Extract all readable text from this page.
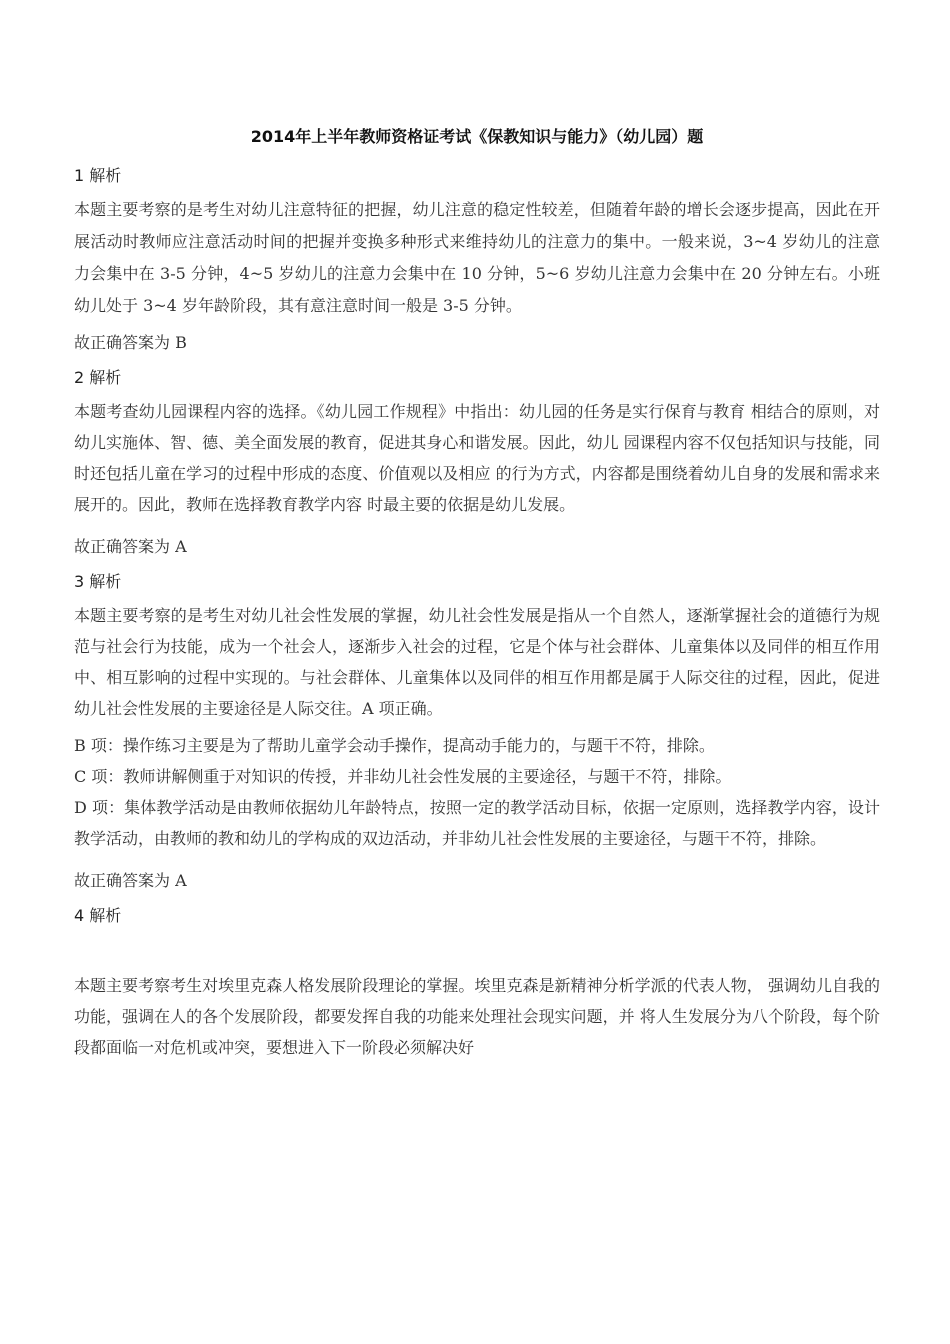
2014年上半年教师资格证考试《保教知识与能力》（幼儿园）题
1 解析

本题主要考察的是考生对幼儿注意特征的把握，幼儿注意的稳定性较差，但随着年龄的增长会逐步提高，因此在开展活动时教师应注意活动时间的把握并变换多种形式来维持幼儿的注意力的集中。一般来说，3~4 岁幼儿的注意力会集中在 3-5 分钟，4~5 岁幼儿的注意力会集中在 10 分钟，5~6 岁幼儿注意力会集中在 20 分钟左右。小班幼儿处于 3~4 岁年龄阶段，其有意注意时间一般是 3-5 分钟。

故正确答案为 B
2 解析

本题考查幼儿园课程内容的选择。《幼儿园工作规程》中指出：幼儿园的任务是实行保育与教育 相结合的原则，对幼儿实施体、智、德、美全面发展的教育，促进其身心和谐发展。因此，幼儿 园课程内容不仅包括知识与技能，同时还包括儿童在学习的过程中形成的态度、价值观以及相应 的行为方式，内容都是围绕着幼儿自身的发展和需求来展开的。因此，教师在选择教育教学内容 时最主要的依据是幼儿发展。

故正确答案为 A
3 解析

本题主要考察的是考生对幼儿社会性发展的掌握，幼儿社会性发展是指从一个自然人，逐渐掌握社会的道德行为规范与社会行为技能，成为一个社会人，逐渐步入社会的过程，它是个体与社会群体、儿童集体以及同伴的相互作用中、相互影响的过程中实现的。与社会群体、儿童集体以及同伴的相互作用都是属于人际交往的过程，因此，促进幼儿社会性发展的主要途径是人际交往。A 项正确。

B 项：操作练习主要是为了帮助儿童学会动手操作，提高动手能力的，与题干不符，排除。

C 项：教师讲解侧重于对知识的传授，并非幼儿社会性发展的主要途径，与题干不符，排除。

D 项：集体教学活动是由教师依据幼儿年龄特点，按照一定的教学活动目标，依据一定原则，选择教学内容，设计教学活动，由教师的教和幼儿的学构成的双边活动，并非幼儿社会性发展的主要途径，与题干不符，排除。

故正确答案为 A
4 解析

本题主要考察考生对埃里克森人格发展阶段理论的掌握。埃里克森是新精神分析学派的代表人物， 强调幼儿自我的功能，强调在人的各个发展阶段，都要发挥自我的功能来处理社会现实问题，并 将人生发展分为八个阶段，每个阶段都面临一对危机或冲突，要想进入下一阶段必须解决好
